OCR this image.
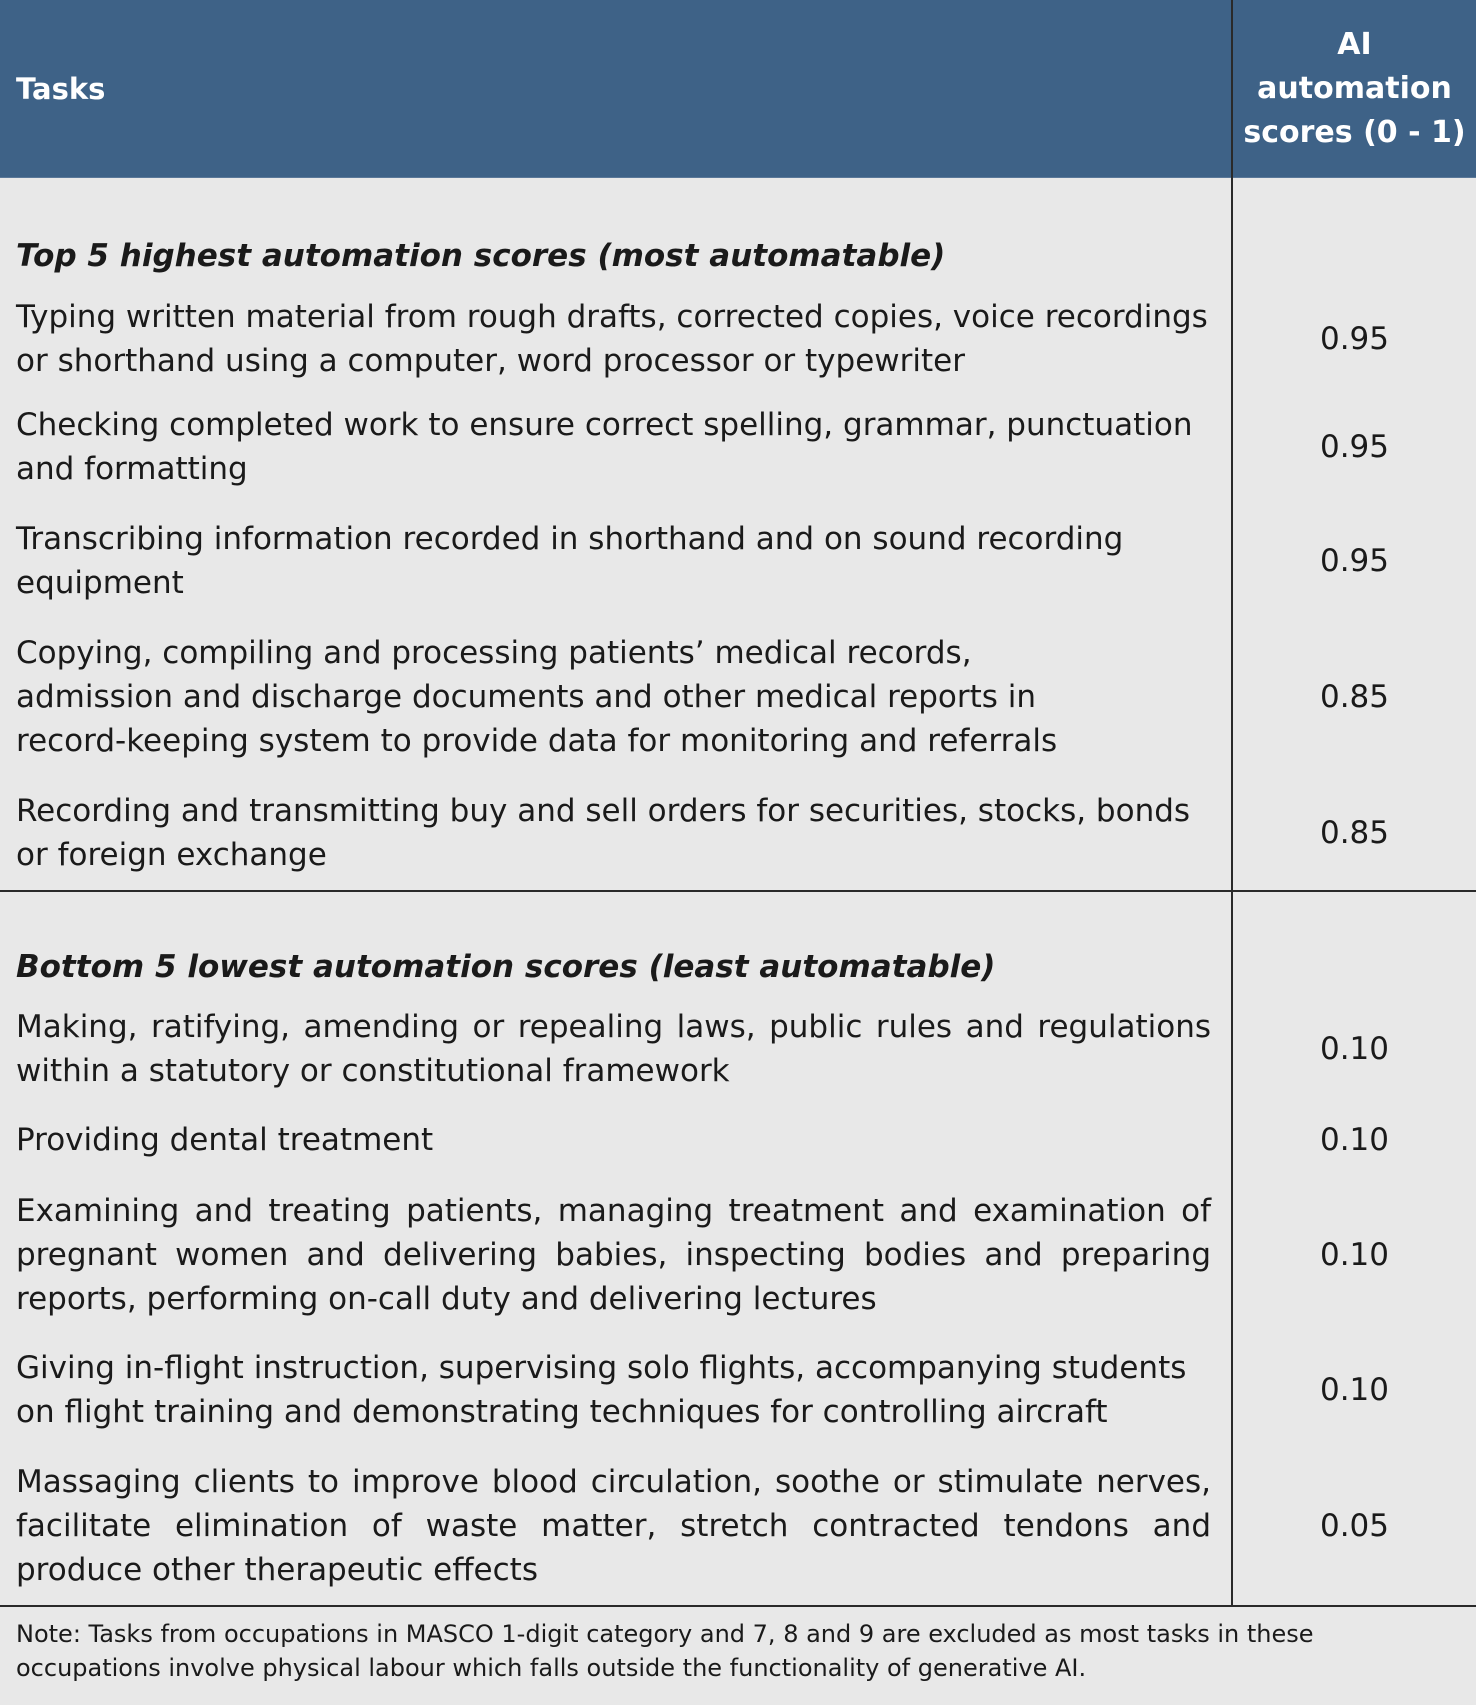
Tasks	AI
automation
scores (0 - 1)
Top 5 highest automation scores (most automatable)	
Typing written material from rough drafts, corrected copies, voice recordings or shorthand using a computer, word processor or typewriter	0.95
Checking completed work to ensure correct spelling, grammar, punctuation and formatting	0.95
Transcribing information recorded in shorthand and on sound recording equipment	0.95
Copying, compiling and processing patients’ medical records, admission and discharge documents and other medical reports in record-keeping system to provide data for monitoring and referrals	0.85
Recording and transmitting buy and sell orders for securities, stocks, bonds or foreign exchange	0.85
Bottom 5 lowest automation scores (least automatable)	
Making, ratifying, amending or repealing laws, public rules and regulations within a statutory or constitutional framework	0.10
Providing dental treatment	0.10
Examining and treating patients, managing treatment and examination of pregnant women and delivering babies, inspecting bodies and preparing reports, performing on-call duty and delivering lectures	0.10
Giving in-flight instruction, supervising solo flights, accompanying students on flight training and demonstrating techniques for controlling aircraft	0.10
Massaging clients to improve blood circulation, soothe or stimulate nerves, facilitate elimination of waste matter, stretch contracted tendons and produce other therapeutic effects	0.05
Note: Tasks from occupations in MASCO 1-digit category and 7, 8 and 9 are excluded as most tasks in these occupations involve physical labour which falls outside the functionality of generative AI.
